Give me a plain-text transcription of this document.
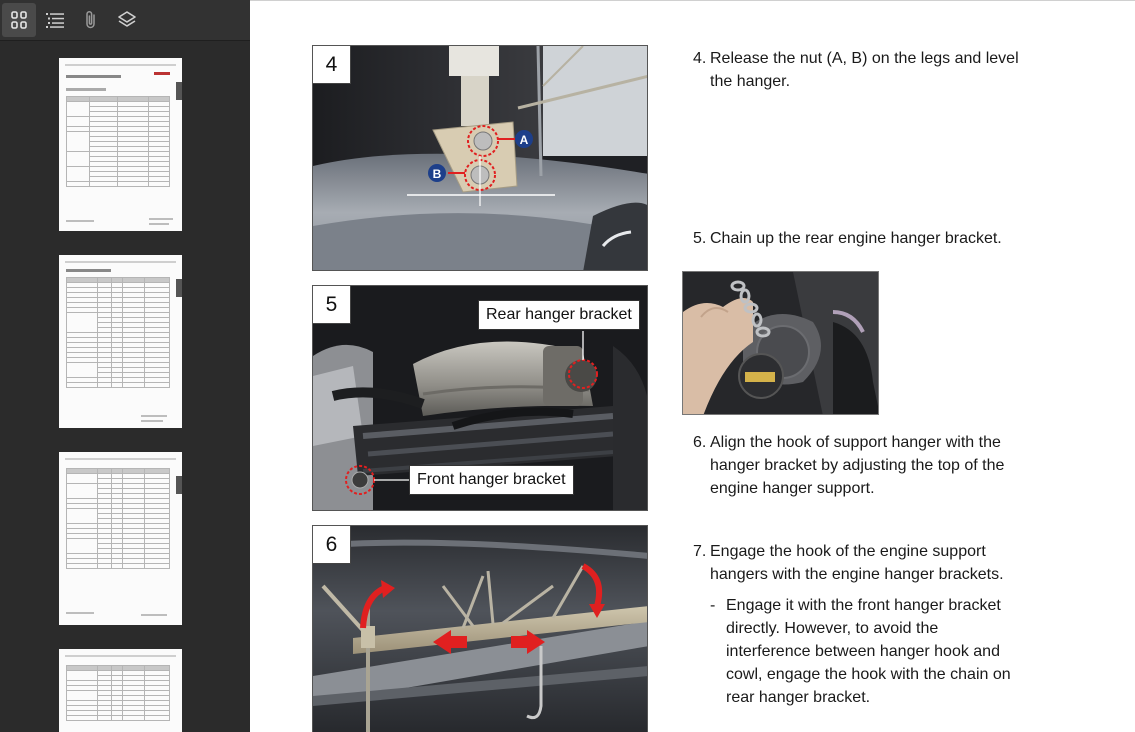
A
B
4
5	Rear hanger bracket
Front hanger bracket
6
4. Release the nut (A, B) on the legs and level
the hanger.
5. Chain up the rear engine hanger bracket.
6. Align the hook of support hanger with the
hanger bracket by adjusting the top of the
engine hanger support.
7. Engage the hook of the engine support
hangers with the engine hanger brackets.
- Engage it with the front hanger bracket
directly. However, to avoid the
interference between hanger hook and
cowl, engage the hook with the chain on
rear hanger bracket.
